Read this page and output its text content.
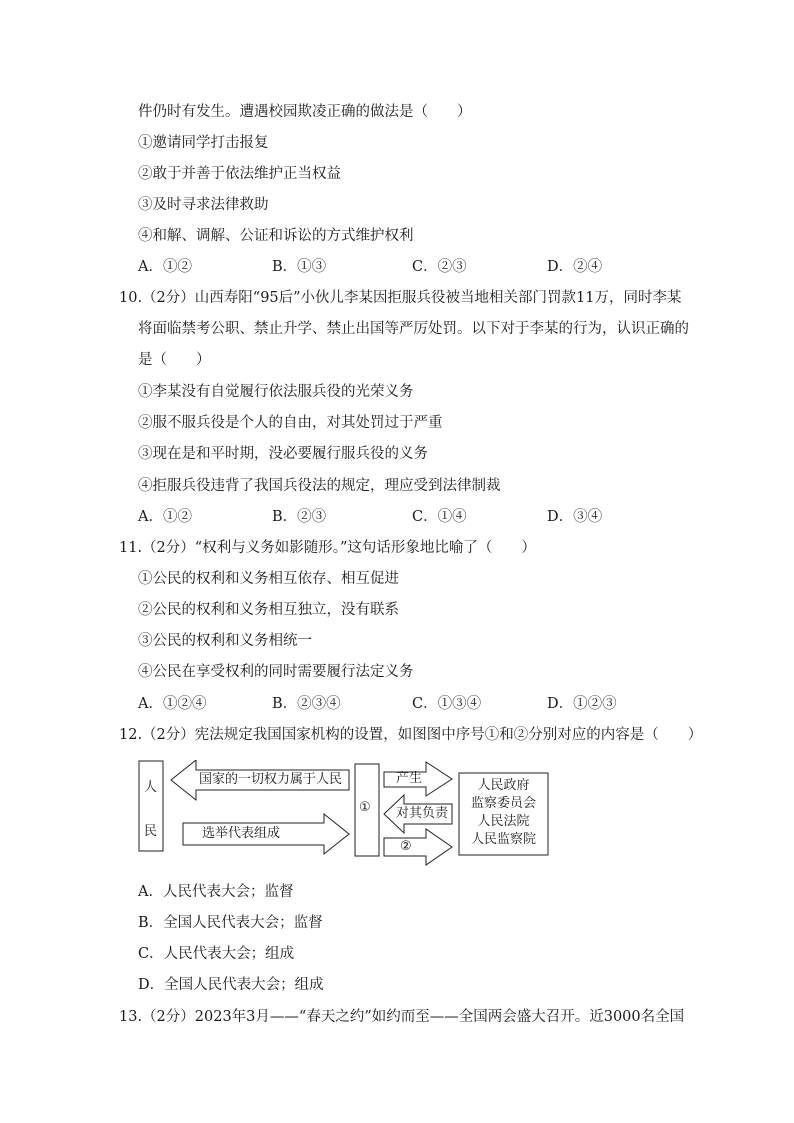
件仍时有发生。遭遇校园欺凌正确的做法是（　　）
①邀请同学打击报复
②敢于并善于依法维护正当权益
③及时寻求法律救助
④和解、调解、公证和诉讼的方式维护权利
A．①②	B．①③	C．②③	D．②④
10.（2分）山西寿阳“95后”小伙儿李某因拒服兵役被当地相关部门罚款11万，同时李某
将面临禁考公职、禁止升学、禁止出国等严厉处罚。以下对于李某的行为，认识正确的
是（　　）
①李某没有自觉履行依法服兵役的光荣义务
②服不服兵役是个人的自由，对其处罚过于严重
③现在是和平时期，没必要履行服兵役的义务
④拒服兵役违背了我国兵役法的规定，理应受到法律制裁
A．①②	B．②③	C．①④	D．③④
11.（2分）“权利与义务如影随形。”这句话形象地比喻了（　　）
①公民的权利和义务相互依存、相互促进
②公民的权利和义务相互独立，没有联系
③公民的权利和义务相统一
④公民在享受权利的同时需要履行法定义务
A．①②④	B．②③④	C．①③④	D．①②③
12.（2分）宪法规定我国国家机构的设置，如图图中序号①和②分别对应的内容是（　　）
人
民
国家的一切权力属于人民
选举代表组成
①
产生
对其负责
②
人民政府
监察委员会
人民法院
人民监察院
A．人民代表大会；监督
B．全国人民代表大会；监督
C．人民代表大会；组成
D．全国人民代表大会；组成
13.（2分）2023年3月——“春天之约”如约而至——全国两会盛大召开。近3000名全国
